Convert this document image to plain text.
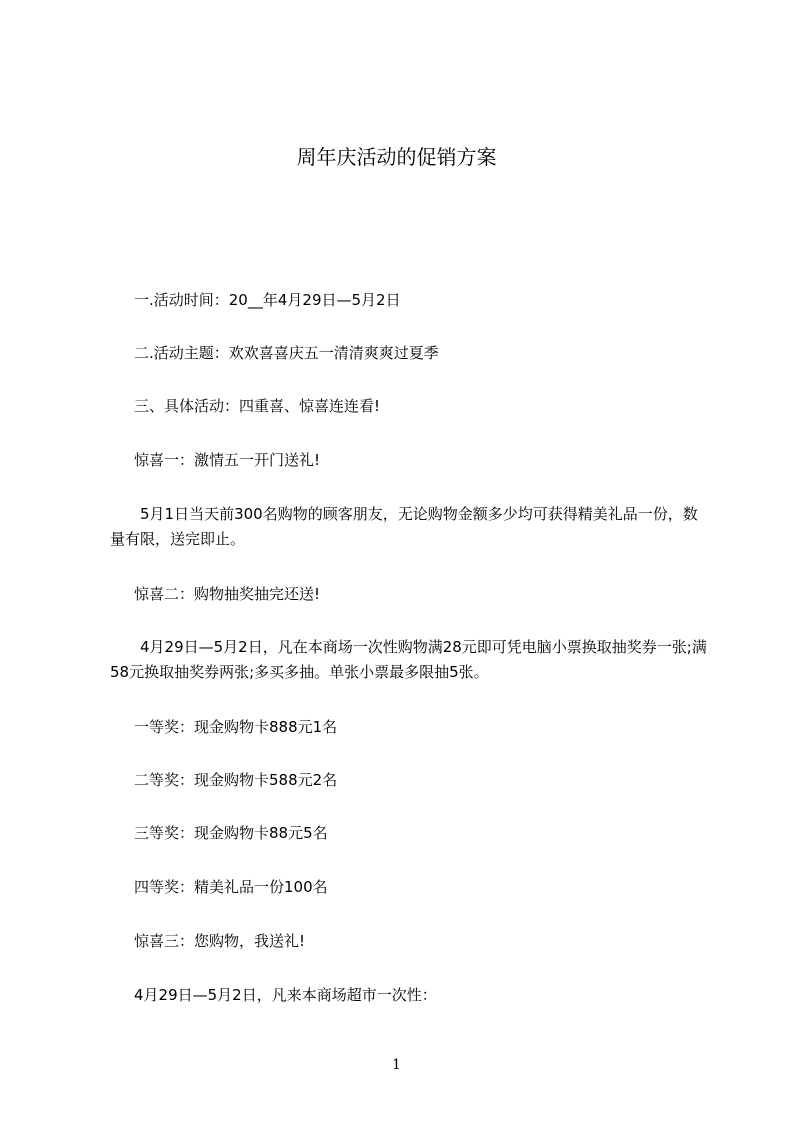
周年庆活动的促销方案
一.活动时间：20__年4月29日—5月2日
二.活动主题：欢欢喜喜庆五一清清爽爽过夏季
三、具体活动：四重喜、惊喜连连看!
惊喜一：激情五一开门送礼!
5月1日当天前300名购物的顾客朋友，无论购物金额多少均可获得精美礼品一份，数量有限，送完即止。
惊喜二：购物抽奖抽完还送!
4月29日—5月2日，凡在本商场一次性购物满28元即可凭电脑小票换取抽奖券一张;满58元换取抽奖券两张;多买多抽。单张小票最多限抽5张。
一等奖：现金购物卡888元1名
二等奖：现金购物卡588元2名
三等奖：现金购物卡88元5名
四等奖：精美礼品一份100名
惊喜三：您购物，我送礼!
4月29日—5月2日，凡来本商场超市一次性：
1
